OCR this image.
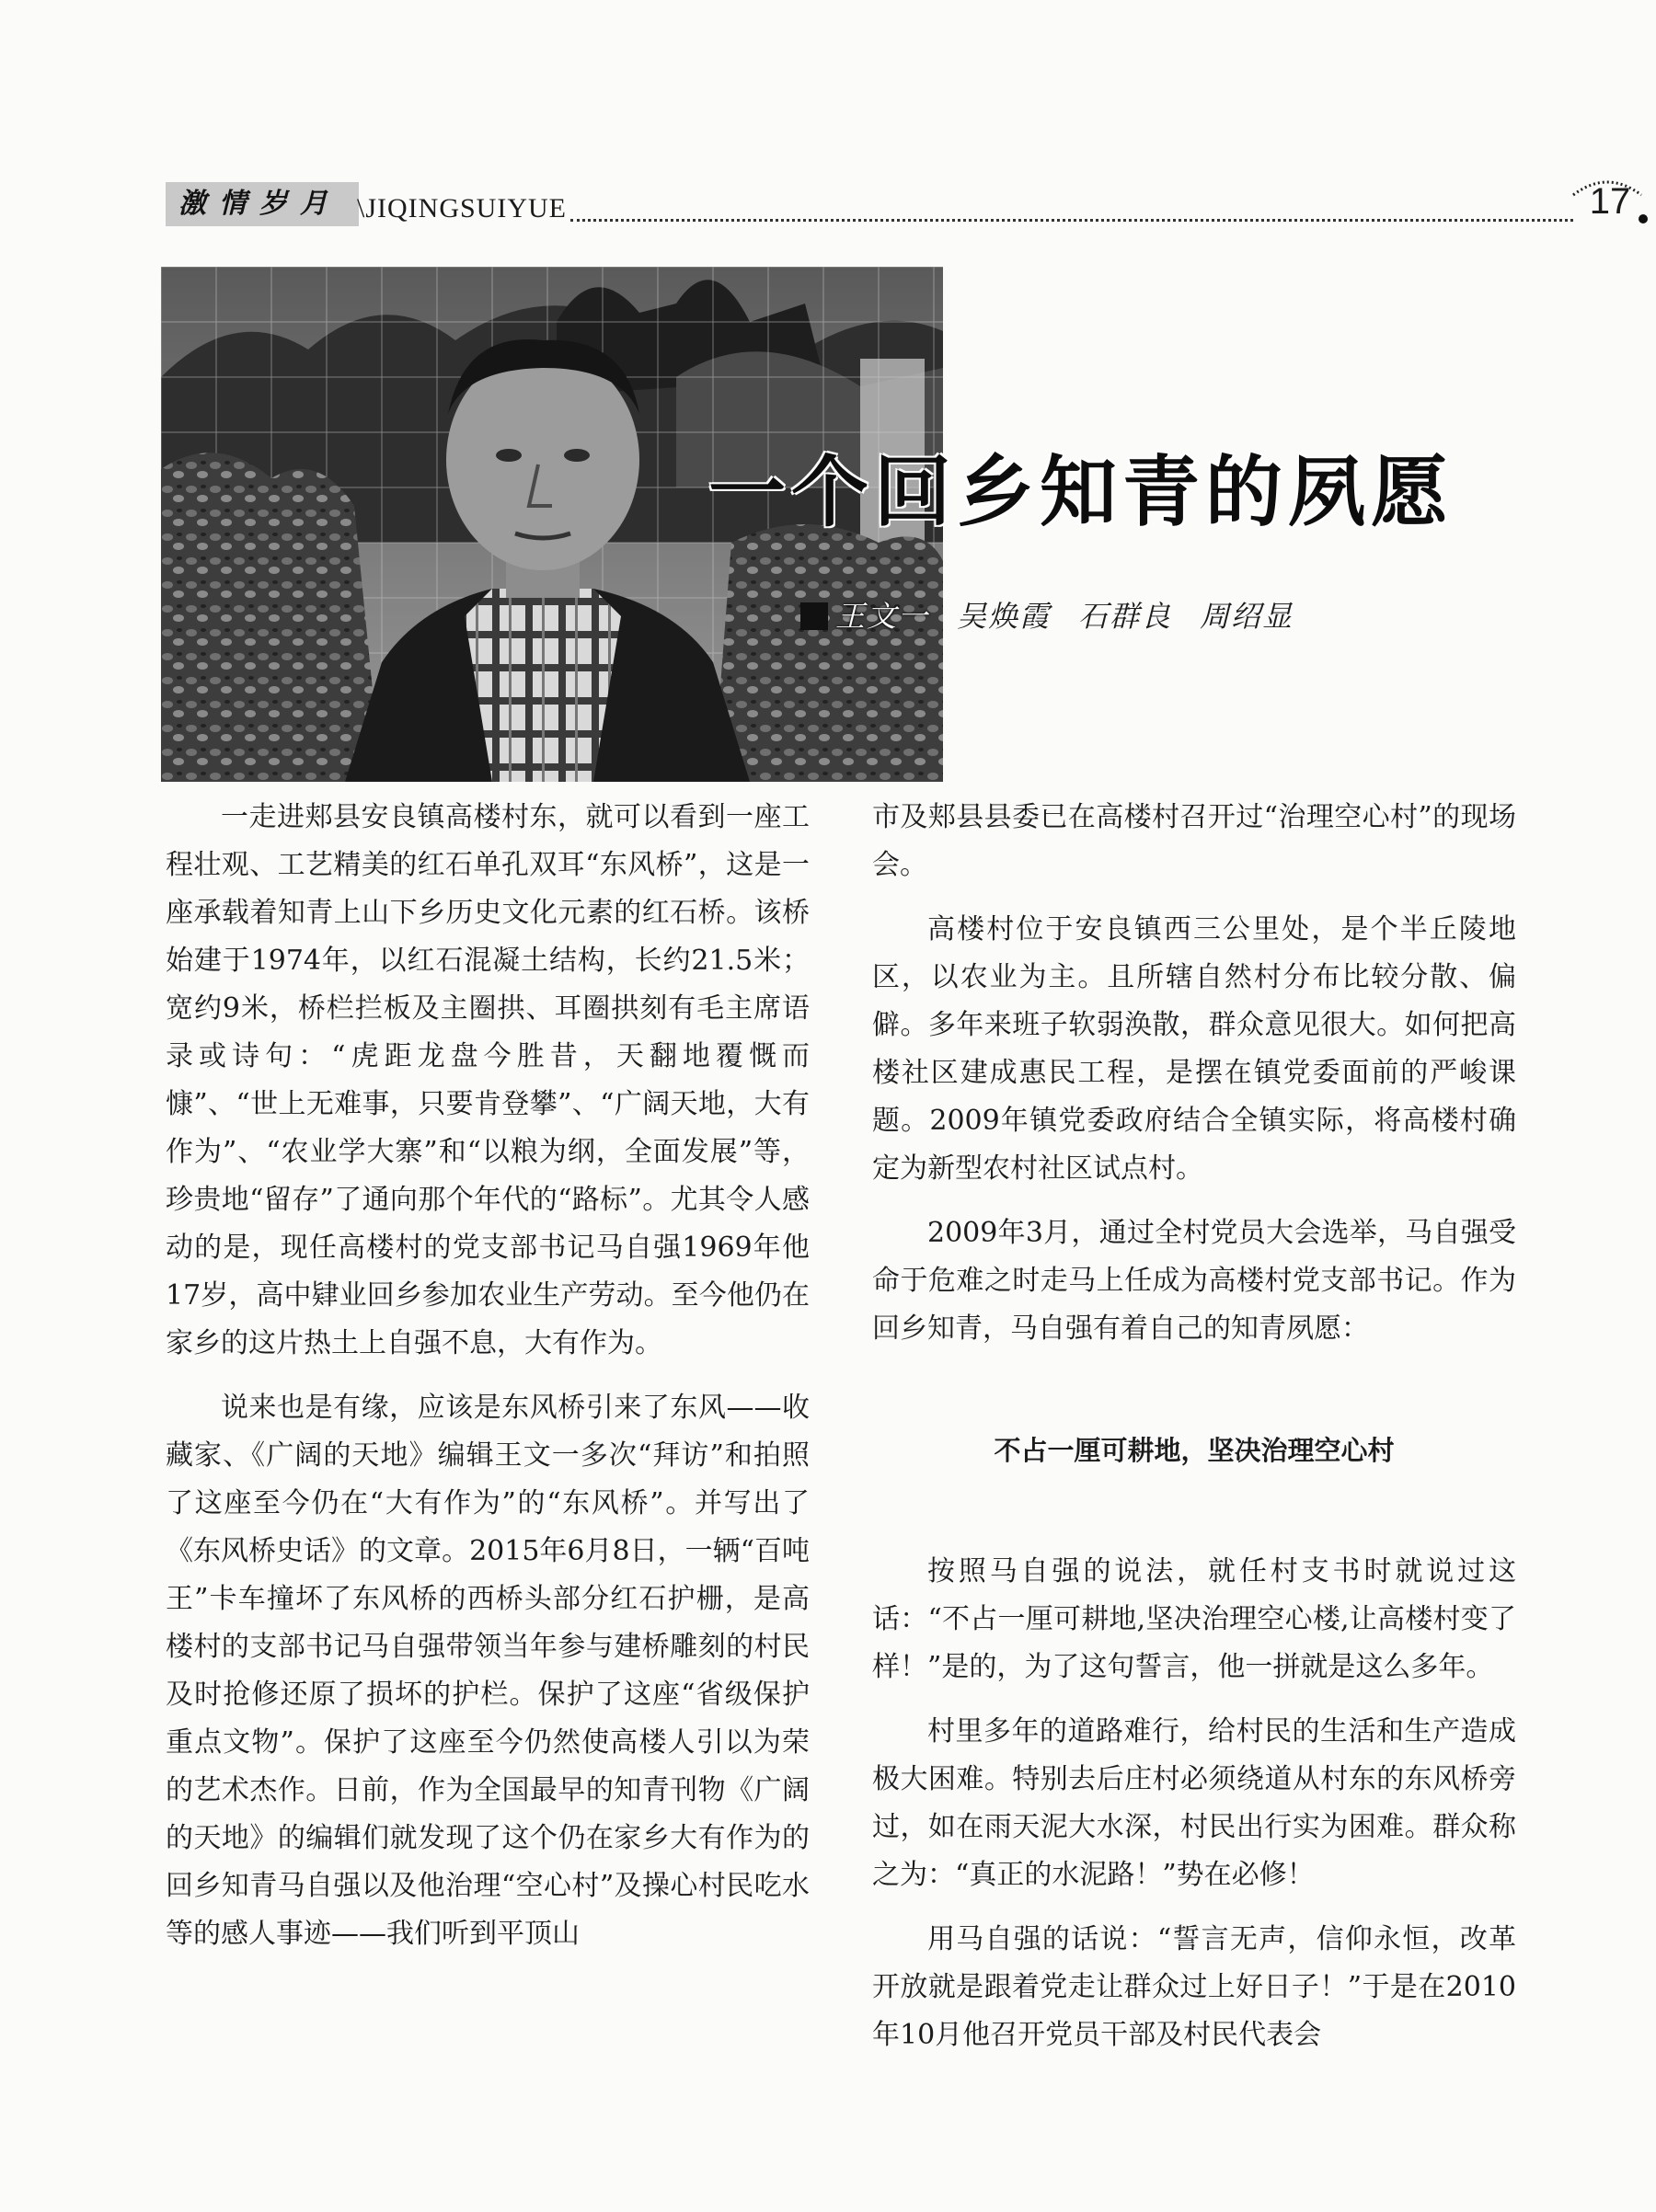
激情岁月 \JIQINGSUIYUE	17
一个回乡知青的夙愿
王文一 吴焕霞 石群良 周绍显

一走进郏县安良镇高楼村东，就可以看到一座工程壮观、工艺精美的红石单孔双耳“东风桥”，这是一座承载着知青上山下乡历史文化元素的红石桥。该桥始建于1974年，以红石混凝土结构，长约21.5米；宽约9米，桥栏拦板及主圈拱、耳圈拱刻有毛主席语录或诗句：“虎距龙盘今胜昔，天翻地覆慨而慷”、“世上无难事，只要肯登攀”、“广阔天地，大有作为”、“农业学大寨”和“以粮为纲，全面发展”等，珍贵地“留存”了通向那个年代的“路标”。尤其令人感动的是，现任高楼村的党支部书记马自强1969年他17岁，高中肄业回乡参加农业生产劳动。至今他仍在家乡的这片热土上自强不息，大有作为。

说来也是有缘，应该是东风桥引来了东风——收藏家、《广阔的天地》编辑王文一多次“拜访”和拍照了这座至今仍在“大有作为”的“东风桥”。并写出了《东风桥史话》的文章。2015年6月8日，一辆“百吨王”卡车撞坏了东风桥的西桥头部分红石护栅，是高楼村的支部书记马自强带领当年参与建桥雕刻的村民及时抢修还原了损坏的护栏。保护了这座“省级保护重点文物”。保护了这座至今仍然使高楼人引以为荣的艺术杰作。日前，作为全国最早的知青刊物《广阔的天地》的编辑们就发现了这个仍在家乡大有作为的回乡知青马自强以及他治理“空心村”及操心村民吃水等的感人事迹——我们听到平顶山

市及郏县县委已在高楼村召开过“治理空心村”的现场会。

高楼村位于安良镇西三公里处，是个半丘陵地区，以农业为主。且所辖自然村分布比较分散、偏僻。多年来班子软弱涣散，群众意见很大。如何把高楼社区建成惠民工程，是摆在镇党委面前的严峻课题。2009年镇党委政府结合全镇实际，将高楼村确定为新型农村社区试点村。

2009年3月，通过全村党员大会选举，马自强受命于危难之时走马上任成为高楼村党支部书记。作为回乡知青，马自强有着自己的知青夙愿：

不占一厘可耕地，坚决治理空心村

按照马自强的说法，就任村支书时就说过这话：“不占一厘可耕地,坚决治理空心楼,让高楼村变了样！”是的，为了这句誓言，他一拼就是这么多年。

村里多年的道路难行，给村民的生活和生产造成极大困难。特别去后庄村必须绕道从村东的东风桥旁过，如在雨天泥大水深，村民出行实为困难。群众称之为：“真正的水泥路！”势在必修！

用马自强的话说：“誓言无声，信仰永恒，改革开放就是跟着党走让群众过上好日子！”于是在2010年10月他召开党员干部及村民代表会
